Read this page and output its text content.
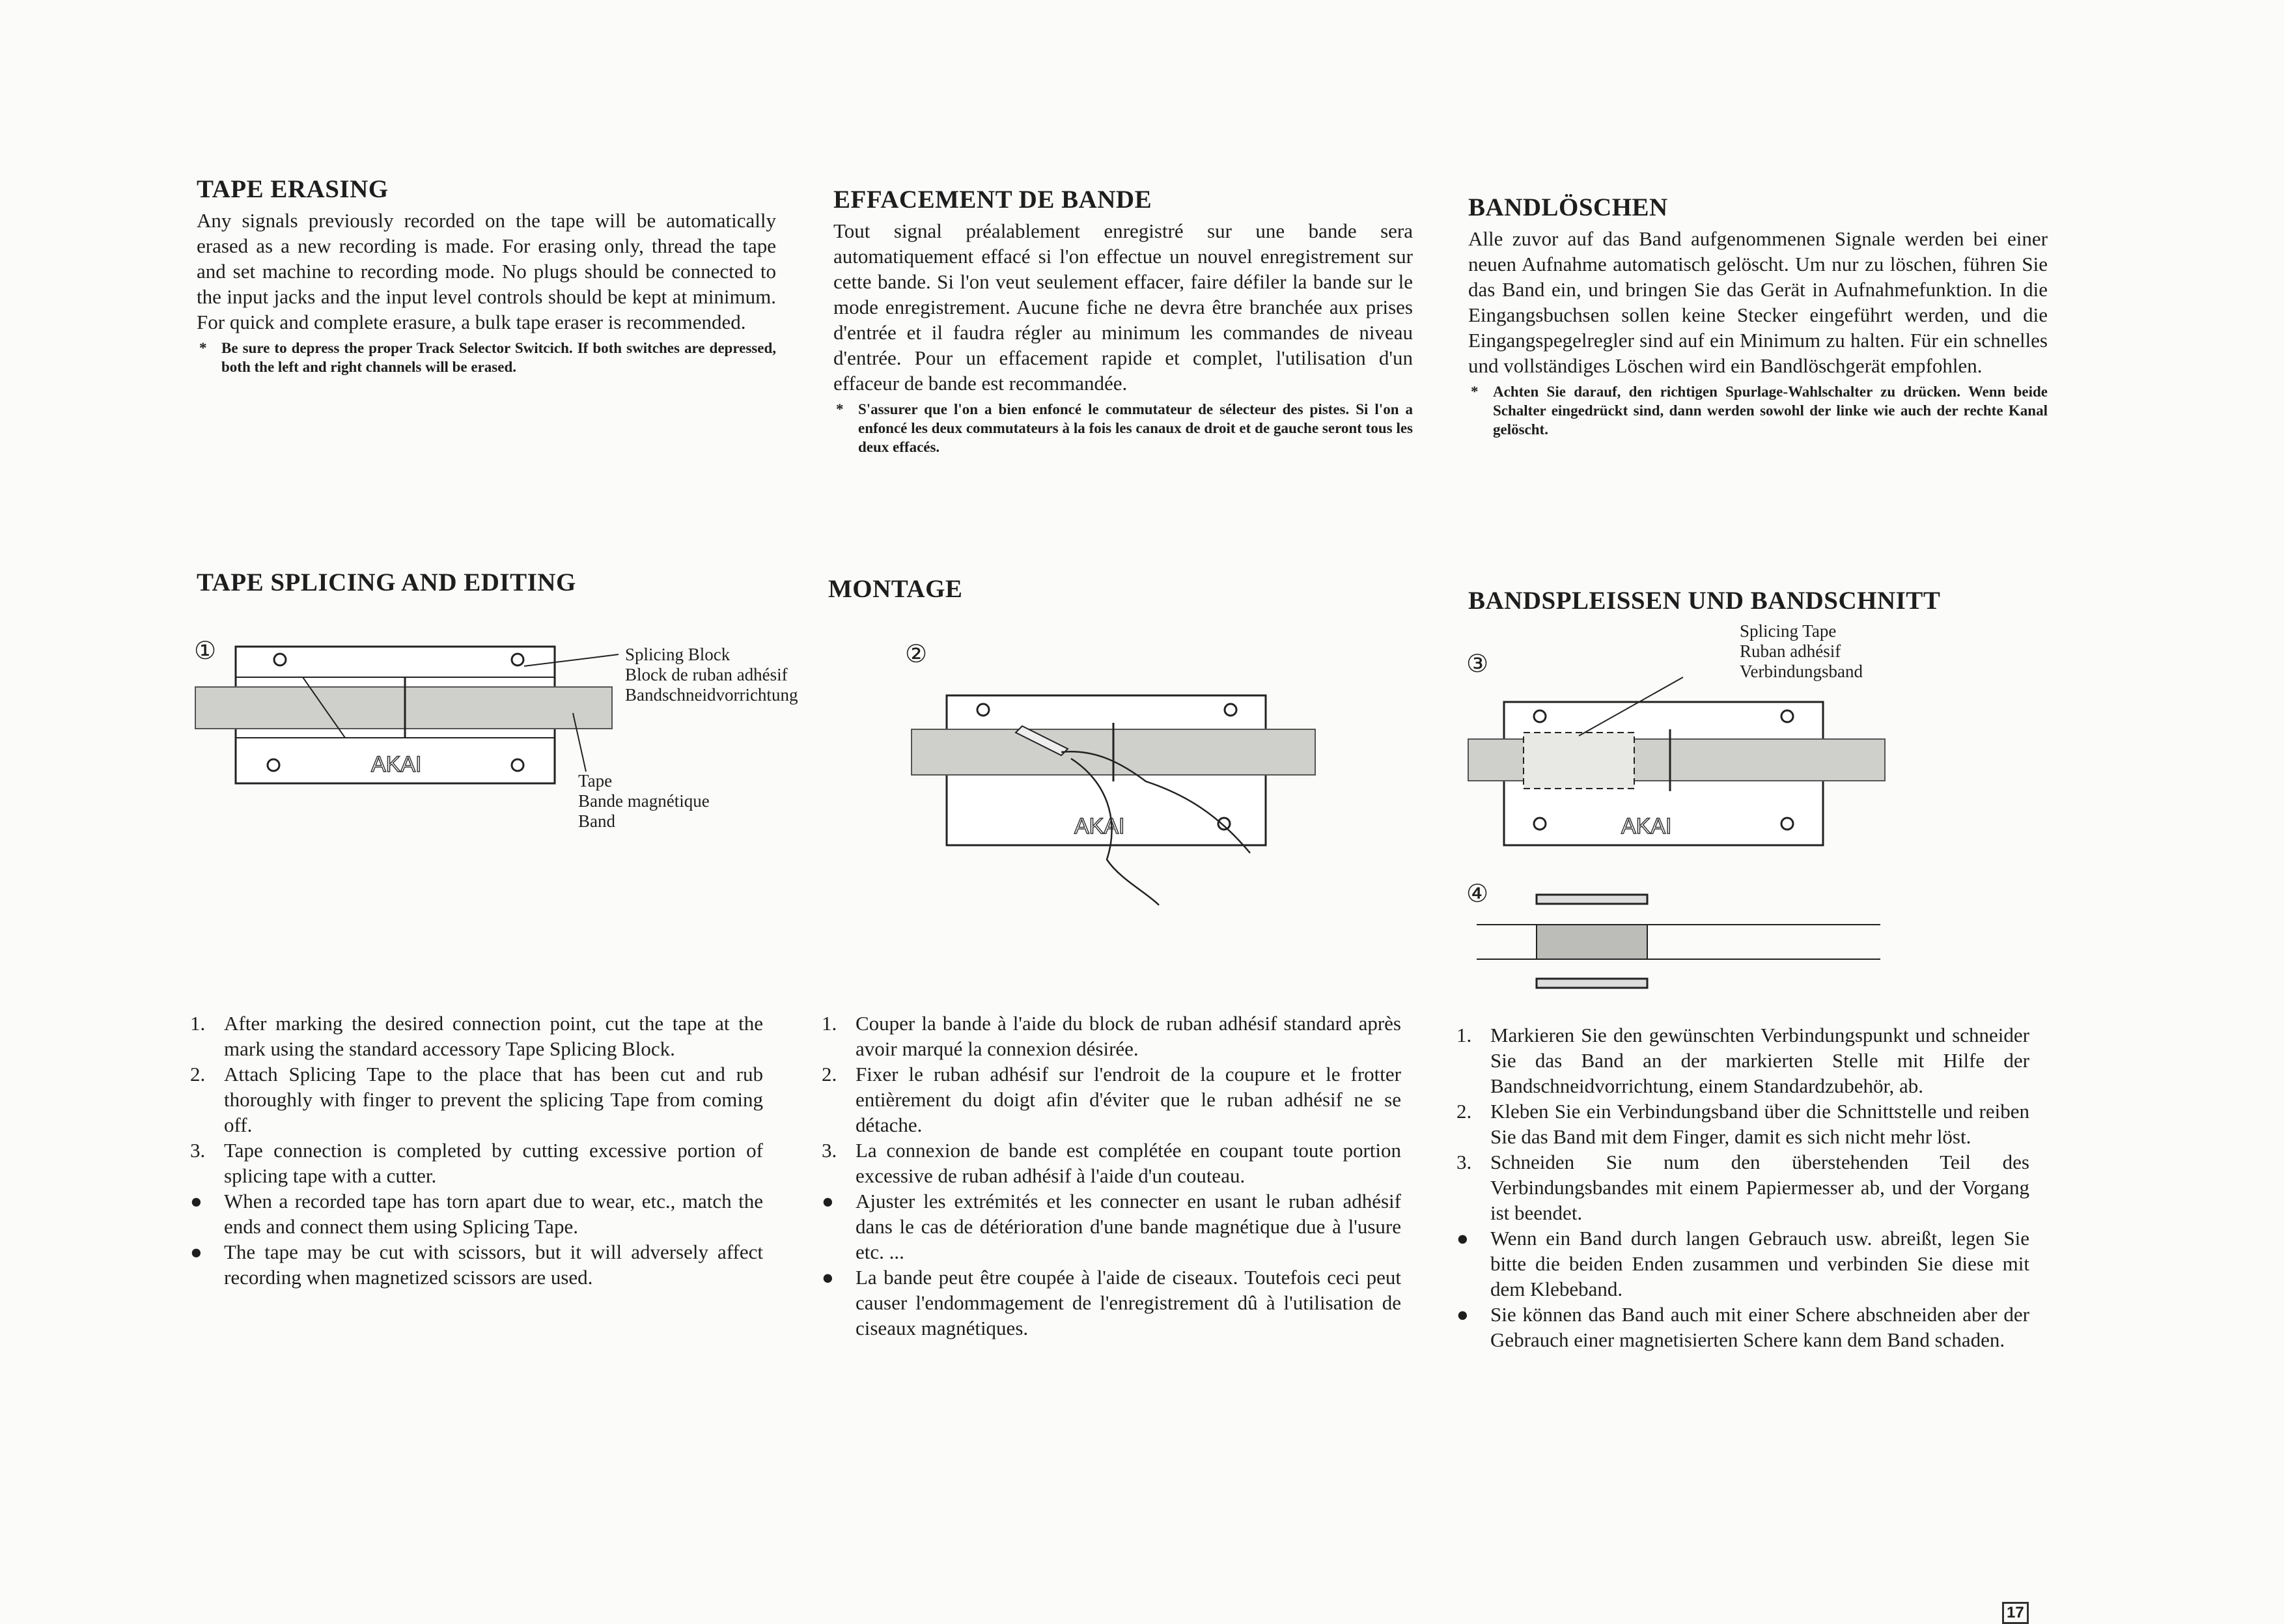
TAPE ERASING

Any signals previously recorded on the tape will be automatically erased as a new recording is made. For erasing only, thread the tape and set machine to recording mode. No plugs should be connected to the input jacks and the input level controls should be kept at minimum. For quick and complete erasure, a bulk tape eraser is recommended.

* Be sure to depress the proper Track Selector Switcich. If both switches are depressed, both the left and right channels will be erased.

EFFACEMENT DE BANDE

Tout signal préalablement enregistré sur une bande sera automatiquement effacé si l'on effectue un nouvel enregistrement sur cette bande. Si l'on veut seulement effacer, faire défiler la bande sur le mode enregistrement. Aucune fiche ne devra être branchée aux prises d'entrée et il faudra régler au minimum les commandes de niveau d'entrée. Pour un effacement rapide et complet, l'utilisation d'un effaceur de bande est recommandée.

* S'assurer que l'on a bien enfoncé le commutateur de sélecteur des pistes. Si l'on a enfoncé les deux commutateurs à la fois les canaux de droit et de gauche seront tous les deux effacés.

BANDLÖSCHEN

Alle zuvor auf das Band aufgenommenen Signale werden bei einer neuen Aufnahme automatisch gelöscht. Um nur zu löschen, führen Sie das Band ein, und bringen Sie das Gerät in Aufnahmefunktion. In die Eingangsbuchsen sollen keine Stecker eingeführt werden, und die Eingangspegelregler sind auf ein Minimum zu halten. Für ein schnelles und vollständiges Löschen wird ein Bandlöschgerät empfohlen.

* Achten Sie darauf, den richtigen Spurlage-Wahlschalter zu drücken. Wenn beide Schalter eingedrückt sind, dann werden sowohl der linke wie auch der rechte Kanal gelöscht.

TAPE SPLICING AND EDITING	MONTAGE	BANDSPLEISSEN UND BANDSCHNITT
①
AKAI
Splicing Block
Block de ruban adhésif
Bandschneidvorrichtung
Tape
Bande magnétique
Band
②
AKAI
③
Splicing Tape
Ruban adhésif
Verbindungsband
AKAI
④
1. After marking the desired connection point, cut the tape at the mark using the standard accessory Tape Splicing Block.
2. Attach Splicing Tape to the place that has been cut and rub thoroughly with finger to prevent the splicing Tape from coming off.
3. Tape connection is completed by cutting excessive portion of splicing tape with a cutter.
● When a recorded tape has torn apart due to wear, etc., match the ends and connect them using Splicing Tape.
● The tape may be cut with scissors, but it will adversely affect recording when magnetized scissors are used.
1. Couper la bande à l'aide du block de ruban adhésif standard après avoir marqué la connexion désirée.
2. Fixer le ruban adhésif sur l'endroit de la coupure et le frotter entièrement du doigt afin d'éviter que le ruban adhésif ne se détache.
3. La connexion de bande est complétée en coupant toute portion excessive de ruban adhésif à l'aide d'un couteau.
● Ajuster les extrémités et les connecter en usant le ruban adhésif dans le cas de détérioration d'une bande magnétique due à l'usure etc. ...
● La bande peut être coupée à l'aide de ciseaux. Toutefois ceci peut causer l'endommagement de l'enregistrement dû à l'utilisation de ciseaux magnétiques.
1. Markieren Sie den gewünschten Verbindungspunkt und schneider Sie das Band an der markierten Stelle mit Hilfe der Bandschneidvorrichtung, einem Standardzubehör, ab.
2. Kleben Sie ein Verbindungsband über die Schnittstelle und reiben Sie das Band mit dem Finger, damit es sich nicht mehr löst.
3. Schneiden Sie num den überstehenden Teil des Verbindungsbandes mit einem Papiermesser ab, und der Vorgang ist beendet.
● Wenn ein Band durch langen Gebrauch usw. abreißt, legen Sie bitte die beiden Enden zusammen und verbinden Sie diese mit dem Klebeband.
● Sie können das Band auch mit einer Schere abschneiden aber der Gebrauch einer magnetisierten Schere kann dem Band schaden.
17
